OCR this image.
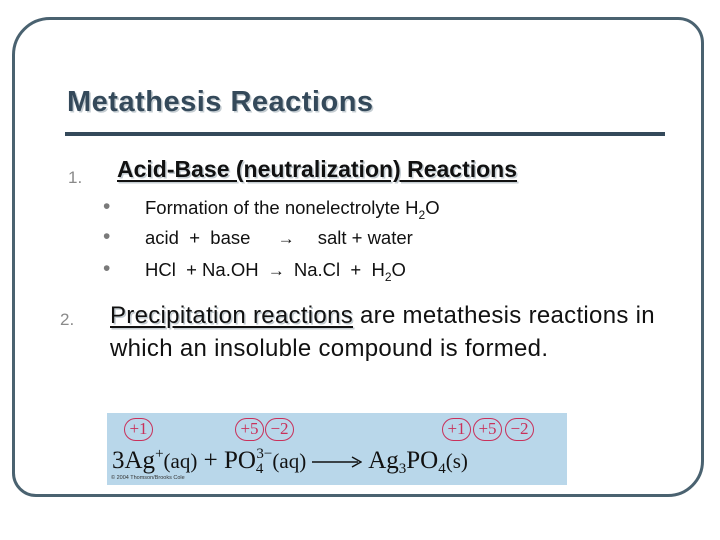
Metathesis Reactions
1. Acid-Base (neutralization) Reactions
• Formation of the nonelectrolyte $H_2O$
• acid  +  base → salt + water
• HCl  + $Na.OH \to Na.Cl + H_2O$
2. Precipitation reactions are metathesis reactions in which an insoluble compound is formed.
+1	+5 −2	+1 +5 −2
$3Ag^+(aq) + PO_4^{3-}(aq) \to Ag_3PO_4(s)$
© 2004 Thomson/Brooks Cole
